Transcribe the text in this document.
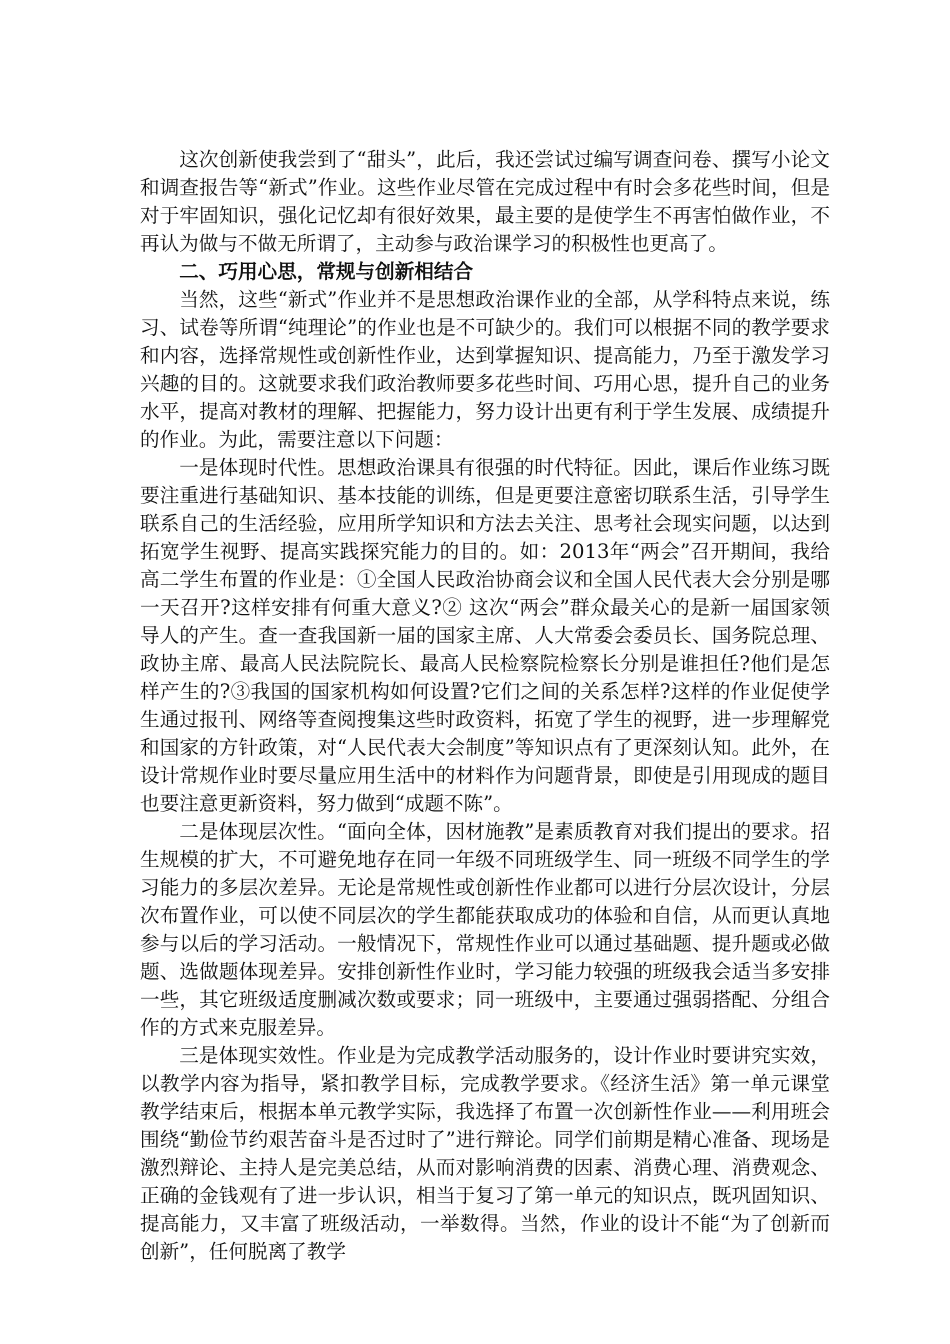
这次创新使我尝到了“甜头”，此后，我还尝试过编写调查问卷、撰写小论文和调查报告等“新式”作业。这些作业尽管在完成过程中有时会多花些时间，但是对于牢固知识，强化记忆却有很好效果，最主要的是使学生不再害怕做作业，不再认为做与不做无所谓了，主动参与政治课学习的积极性也更高了。

二、巧用心思，常规与创新相结合

当然，这些“新式”作业并不是思想政治课作业的全部，从学科特点来说，练习、试卷等所谓“纯理论”的作业也是不可缺少的。我们可以根据不同的教学要求和内容，选择常规性或创新性作业，达到掌握知识、提高能力，乃至于激发学习兴趣的目的。这就要求我们政治教师要多花些时间、巧用心思，提升自己的业务水平，提高对教材的理解、把握能力，努力设计出更有利于学生发展、成绩提升的作业。为此，需要注意以下问题：

一是体现时代性。思想政治课具有很强的时代特征。因此，课后作业练习既要注重进行基础知识、基本技能的训练，但是更要注意密切联系生活，引导学生联系自己的生活经验，应用所学知识和方法去关注、思考社会现实问题，以达到拓宽学生视野、提高实践探究能力的目的。如：2013年“两会”召开期间，我给高二学生布置的作业是：①全国人民政治协商会议和全国人民代表大会分别是哪一天召开?这样安排有何重大意义?② 这次“两会”群众最关心的是新一届国家领导人的产生。查一查我国新一届的国家主席、人大常委会委员长、国务院总理、政协主席、最高人民法院院长、最高人民检察院检察长分别是谁担任?他们是怎样产生的?③我国的国家机构如何设置?它们之间的关系怎样?这样的作业促使学生通过报刊、网络等查阅搜集这些时政资料，拓宽了学生的视野，进一步理解党和国家的方针政策，对“人民代表大会制度”等知识点有了更深刻认知。此外，在设计常规作业时要尽量应用生活中的材料作为问题背景，即使是引用现成的题目也要注意更新资料，努力做到“成题不陈”。

二是体现层次性。“面向全体，因材施教”是素质教育对我们提出的要求。招生规模的扩大，不可避免地存在同一年级不同班级学生、同一班级不同学生的学习能力的多层次差异。无论是常规性或创新性作业都可以进行分层次设计，分层次布置作业，可以使不同层次的学生都能获取成功的体验和自信，从而更认真地参与以后的学习活动。一般情况下，常规性作业可以通过基础题、提升题或必做题、选做题体现差异。安排创新性作业时，学习能力较强的班级我会适当多安排一些，其它班级适度删减次数或要求；同一班级中，主要通过强弱搭配、分组合作的方式来克服差异。

三是体现实效性。作业是为完成教学活动服务的，设计作业时要讲究实效，以教学内容为指导，紧扣教学目标，完成教学要求。《经济生活》第一单元课堂教学结束后，根据本单元教学实际，我选择了布置一次创新性作业——利用班会围绕“勤俭节约艰苦奋斗是否过时了”进行辩论。同学们前期是精心准备、现场是激烈辩论、主持人是完美总结，从而对影响消费的因素、消费心理、消费观念、正确的金钱观有了进一步认识，相当于复习了第一单元的知识点，既巩固知识、提高能力，又丰富了班级活动，一举数得。当然，作业的设计不能“为了创新而创新”，任何脱离了教学
